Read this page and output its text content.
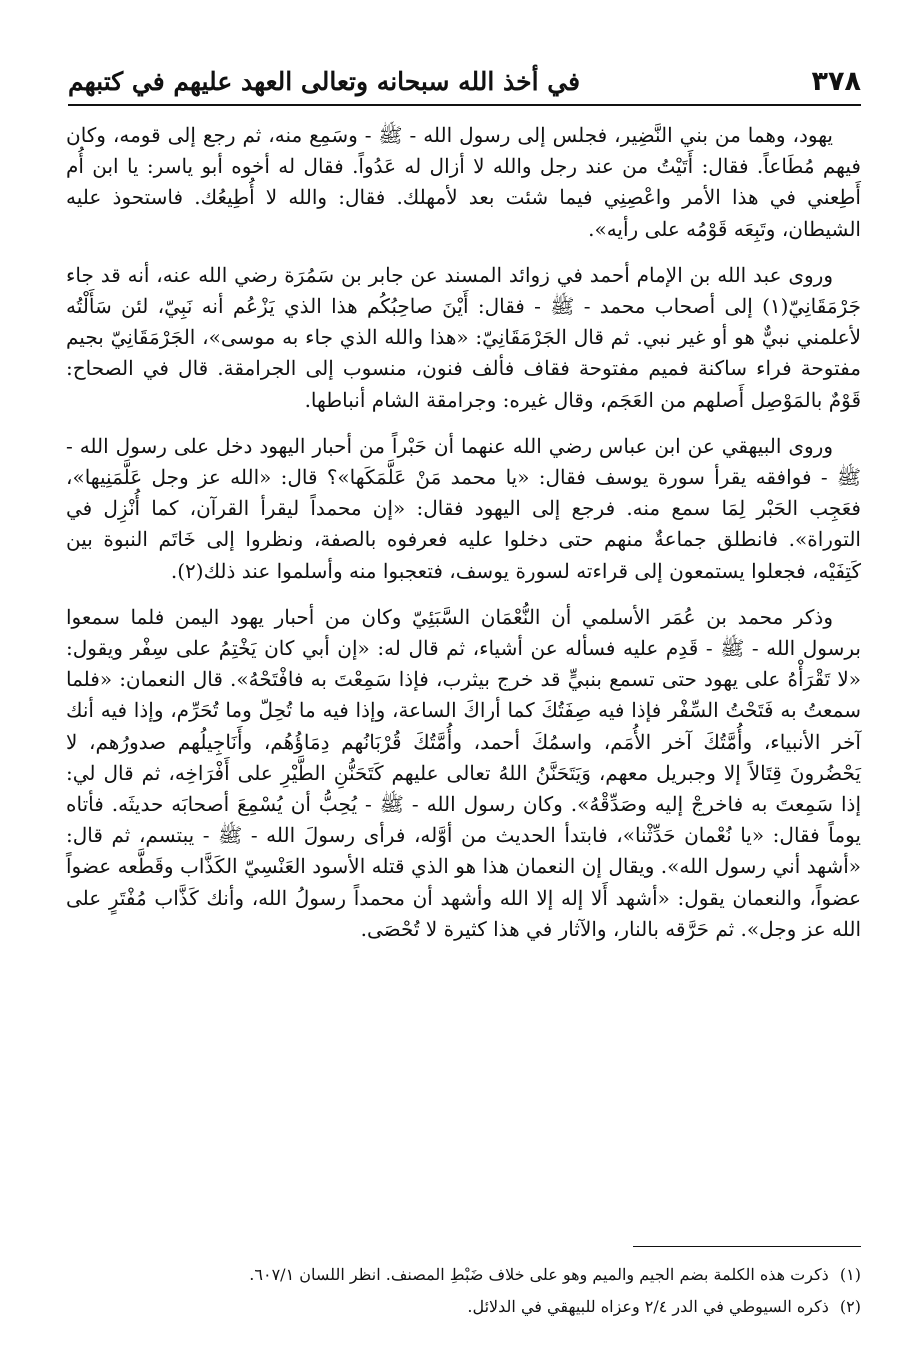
٣٧٨
في أخذ الله سبحانه وتعالى العهد عليهم في كتبهم

يهود، وهما من بني النَّضِير، فجلس إلى رسول الله - ﷺ - وسَمِع منه، ثم رجع إلى قومه، وكان فيهم مُطَاعاً. فقال: أَتَيْتُ من عند رجل والله لا أزال له عَدُواً. فقال له أخوه أبو ياسر: يا ابن أُم أَطِعني في هذا الأمر واعْصِنِي فيما شئت بعد لأمهلك. فقال: والله لا أُطِيعُك. فاستحوذ عليه الشيطان، وتَبِعَه قَوْمُه على رأيه».

وروى عبد الله بن الإمام أحمد في زوائد المسند عن جابر بن سَمُرَة رضي الله عنه، أنه قد جاء جَرْمَقَانِيّ(١) إلى أصحاب محمد - ﷺ - فقال: أَيْنَ صاحِبُكُم هذا الذي يَزْعُم أنه نَبِيّ، لئن سَأَلْتُه لأعلمني نبيٌّ هو أو غير نبي. ثم قال الجَرْمَقَانِيّ: «هذا والله الذي جاء به موسى»، الجَرْمَقَانِيّ بجيم مفتوحة فراء ساكنة فميم مفتوحة فقاف فألف فنون، منسوب إلى الجرامقة. قال في الصحاح: قَوْمٌ بالمَوْصِل أَصلهم من العَجَم، وقال غيره: وجرامقة الشام أنباطها.

وروى البيهقي عن ابن عباس رضي الله عنهما أن حَبْراً من أحبار اليهود دخل على رسول الله - ﷺ - فوافقه يقرأ سورة يوسف فقال: «يا محمد مَنْ عَلَّمَكَها»؟ قال: «الله عز وجل عَلَّمَنِيها»، فعَجِب الحَبْر لِمَا سمع منه. فرجع إلى اليهود فقال: «إن محمداً ليقرأ القرآن، كما أُنْزِل في التوراة». فانطلق جماعةٌ منهم حتى دخلوا عليه فعرفوه بالصفة، ونظروا إلى خَاتَم النبوة بين كَتِفَيْه، فجعلوا يستمعون إلى قراءته لسورة يوسف، فتعجبوا منه وأسلموا عند ذلك(٢).

وذكر محمد بن عُمَر الأسلمي أن النُّعْمَان السَّبَئِيّ وكان من أحبار يهود اليمن فلما سمعوا برسول الله - ﷺ - قَدِم عليه فسأله عن أشياء، ثم قال له: «إن أبي كان يَخْتِمُ على سِفْر ويقول: «لا تَقْرَأْهُ على يهود حتى تسمع بنبيٍّ قد خرج بيثرب، فإذا سَمِعْتَ به فافْتَحْهُ». قال النعمان: «فلما سمعتُ به فَتَحْتُ السِّفْر فإذا فيه صِفَتُكَ كما أراكَ الساعة، وإذا فيه ما تُحِلّ وما تُحَرِّم، وإذا فيه أنك آخر الأنبياء، وأُمَّتُكَ آخر الأُمَم، واسمُكَ أحمد، وأُمَّتُكَ قُرْبَانُهم دِمَاؤُهُم، وأَنَاجِيلُهم صدورُهم، لا يَحْضُرونَ قِتَالاً إلا وجبريل معهم، وَيَتَحَنَّنُ اللهُ تعالى عليهم كَتَحَنُّنِ الطَّيْرِ على أَفْرَاخِه، ثم قال لي: إذا سَمِعتَ به فاخرجْ إليه وصَدِّقْهُ». وكان رسول الله - ﷺ - يُحِبُّ أن يُسْمِعَ أصحابَه حديثَه. فأتاه يوماً فقال: «يا نُعْمان حَدِّثْنا»، فابتدأ الحديث من أوَّله، فرأى رسولَ الله - ﷺ - يبتسم، ثم قال: «أشهد أني رسول الله». ويقال إن النعمان هذا هو الذي قتله الأسود العَنْسِيّ الكَذَّاب وقَطَّعه عضواً عضواً، والنعمان يقول: «أشهد أَلا إله إلا الله وأشهد أن محمداً رسولُ الله، وأنك كَذَّاب مُفْتَرٍ على الله عز وجل». ثم حَرَّقه بالنار، والآثار في هذا كثيرة لا تُحْصَى.

(١) ذكرت هذه الكلمة بضم الجيم والميم وهو على خلاف ضَبْطِ المصنف. انظر اللسان ٦٠٧/١.

(٢) ذكره السيوطي في الدر ٢/٤ وعزاه للبيهقي في الدلائل.
